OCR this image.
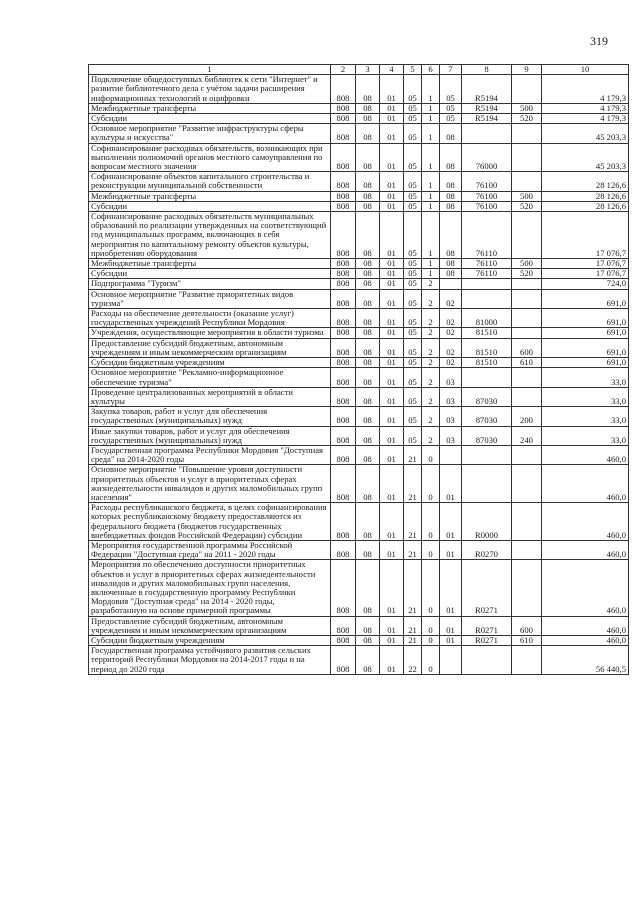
319
1	2	3	4	5	6	7	8	9	10
Подключение общедоступных библиотек к сети "Интернет" и развитие библиотечного дела с учётом задачи расширения информационных технологий и оцифровки	808	08	01	05	1	05	R5194		4 179,3
Межбюджетные трансферты	808	08	01	05	1	05	R5194	500	4 179,3
Субсидии	808	08	01	05	1	05	R5194	520	4 179,3
Основное мероприятие "Развитие инфраструктуры сферы культуры и искусства"	808	08	01	05	1	08			45 203,3
Софинансирование расходных обязательств, возникающих при выполнении полномочий органов местного самоуправления по вопросам местного значения	808	08	01	05	1	08	76000		45 203,3
Софинансирование объектов капитального строительства и реконструкции муниципальной собственности	808	08	01	05	1	08	76100		28 126,6
Межбюджетные трансферты	808	08	01	05	1	08	76100	500	28 126,6
Субсидии	808	08	01	05	1	08	76100	520	28 126,6
Софинансирование расходных обязательств муниципальных образований по реализации утвержденных на соответствующий год муниципальных программ, включающих в себя мероприятия по капитальному ремонту объектов культуры, приобретению оборудования	808	08	01	05	1	08	76110		17 076,7
Межбюджетные трансферты	808	08	01	05	1	08	76110	500	17 076,7
Субсидии	808	08	01	05	1	08	76110	520	17 076,7
Подпрограмма "Туризм"	808	08	01	05	2				724,0
Основное мероприятие "Развитие приоритетных видов туризма"	808	08	01	05	2	02			691,0
Расходы на обеспечение деятельности (оказание услуг) государственных учреждений Республики Мордовия	808	08	01	05	2	02	81000		691,0
Учреждения, осуществляющие мероприятия в области туризма	808	08	01	05	2	02	81510		691,0
Предоставление субсидий бюджетным, автономным учреждениям и иным некоммерческим организациям	808	08	01	05	2	02	81510	600	691,0
Субсидии бюджетным учреждениям	808	08	01	05	2	02	81510	610	691,0
Основное мероприятие "Рекламно-информационное обеспечение туризма"	808	08	01	05	2	03			33,0
Проведение централизованных мероприятий в области культуры	808	08	01	05	2	03	87030		33,0
Закупка товаров, работ и услуг для обеспечения государственных (муниципальных) нужд	808	08	01	05	2	03	87030	200	33,0
Иные закупки товаров, работ и услуг для обеспечения государственных (муниципальных) нужд	808	08	01	05	2	03	87030	240	33,0
Государственная программа Республики Мордовия "Доступная среда" на 2014-2020 годы	808	08	01	21	0				460,0
Основное мероприятие "Повышение уровня доступности приоритетных объектов и услуг в приоритетных сферах жизнедеятельности инвалидов и других маломобильных групп населения"	808	08	01	21	0	01			460,0
Расходы республиканского бюджета, в целях софинансирования которых республиканскому бюджету предоставляются из федерального бюджета (бюджетов государственных внебюджетных фондов Российской Федерации) субсидии	808	08	01	21	0	01	R0000		460,0
Мероприятия государственной программы Российской Федерации "Доступная среда" на 2011 - 2020 годы	808	08	01	21	0	01	R0270		460,0
Мероприятия по обеспечению доступности приоритетных объектов и услуг в приоритетных сферах жизнедеятельности инвалидов и других маломобильных групп населения, включенные в государственную программу Республики Мордовия "Доступная среда" на 2014 - 2020 годы, разработанную на основе примерной программы	808	08	01	21	0	01	R0271		460,0
Предоставление субсидий бюджетным, автономным учреждениям и иным некоммерческим организациям	808	08	01	21	0	01	R0271	600	460,0
Субсидии бюджетным учреждениям	808	08	01	21	0	01	R0271	610	460,0
Государственная программа устойчивого развития сельских территорий Республики Мордовия на 2014-2017 годы и на период до 2020 года	808	08	01	22	0				56 440,5
